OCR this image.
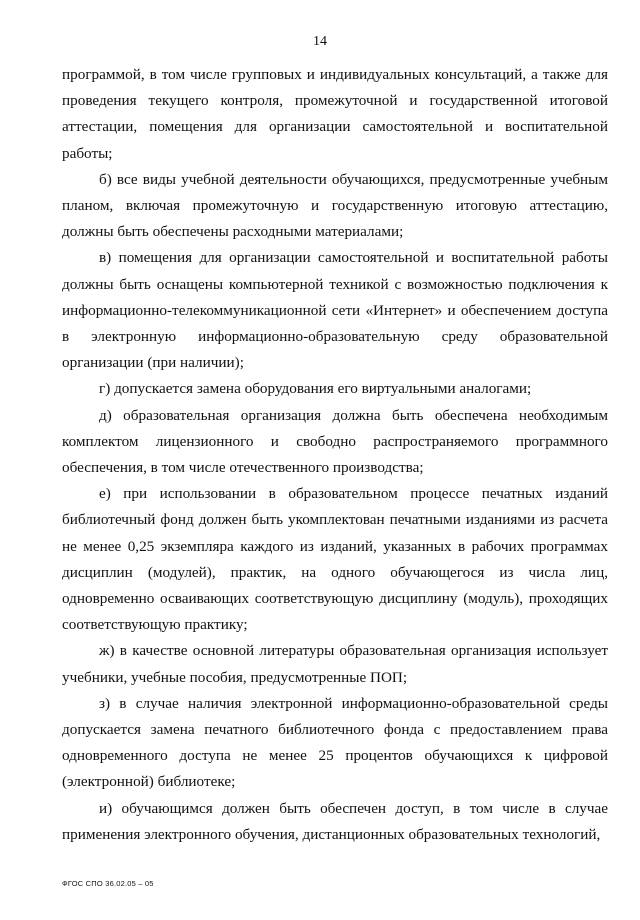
14

программой, в том числе групповых и индивидуальных консультаций, а также для проведения текущего контроля, промежуточной и государственной итоговой аттестации, помещения для организации самостоятельной и воспитательной работы;

б) все виды учебной деятельности обучающихся, предусмотренные учебным планом, включая промежуточную и государственную итоговую аттестацию, должны быть обеспечены расходными материалами;

в) помещения для организации самостоятельной и воспитательной работы должны быть оснащены компьютерной техникой с возможностью подключения к информационно-телекоммуникационной сети «Интернет» и обеспечением доступа в электронную информационно-образовательную среду образовательной организации (при наличии);

г) допускается замена оборудования его виртуальными аналогами;

д) образовательная организация должна быть обеспечена необходимым комплектом лицензионного и свободно распространяемого программного обеспечения, в том числе отечественного производства;

е) при использовании в образовательном процессе печатных изданий библиотечный фонд должен быть укомплектован печатными изданиями из расчета не менее 0,25 экземпляра каждого из изданий, указанных в рабочих программах дисциплин (модулей), практик, на одного обучающегося из числа лиц, одновременно осваивающих соответствующую дисциплину (модуль), проходящих соответствующую практику;

ж) в качестве основной литературы образовательная организация использует учебники, учебные пособия, предусмотренные ПОП;

з) в случае наличия электронной информационно-образовательной среды допускается замена печатного библиотечного фонда с предоставлением права одновременного доступа не менее 25 процентов обучающихся к цифровой (электронной) библиотеке;

и) обучающимся должен быть обеспечен доступ, в том числе в случае применения электронного обучения, дистанционных образовательных технологий,

ФГОС СПО 36.02.05 – 05
